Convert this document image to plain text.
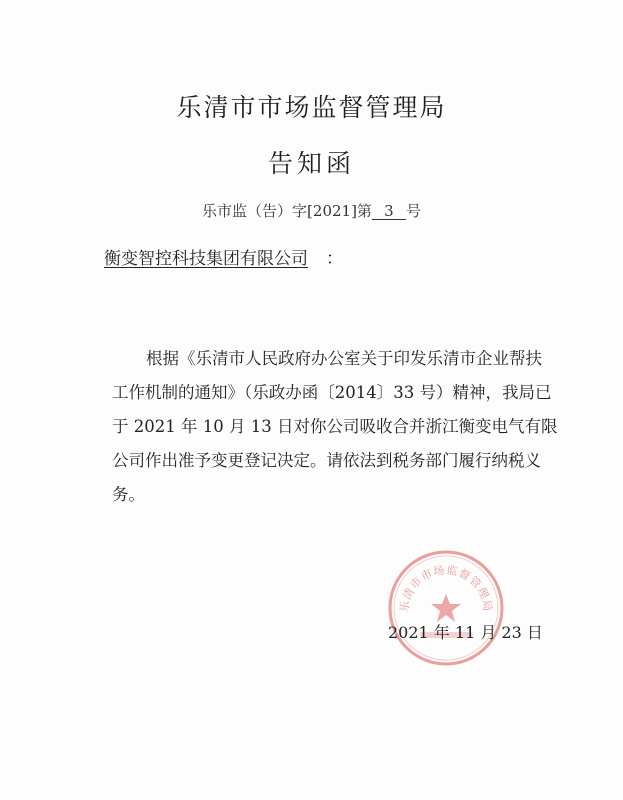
乐清市市场监督管理局
告知函
乐市监（告）字[2021]第 3 号
衡变智控科技集团有限公司 ：
根据《乐清市人民政府办公室关于印发乐清市企业帮扶
工作机制的通知》（乐政办函〔2014〕33 号）精神，我局已
于 2021 年 10 月 13 日对你公司吸收合并浙江衡变电气有限
公司作出准予变更登记决定。请依法到税务部门履行纳税义
务。
乐清市市场监督管理局
2021 年 11 月 23 日
